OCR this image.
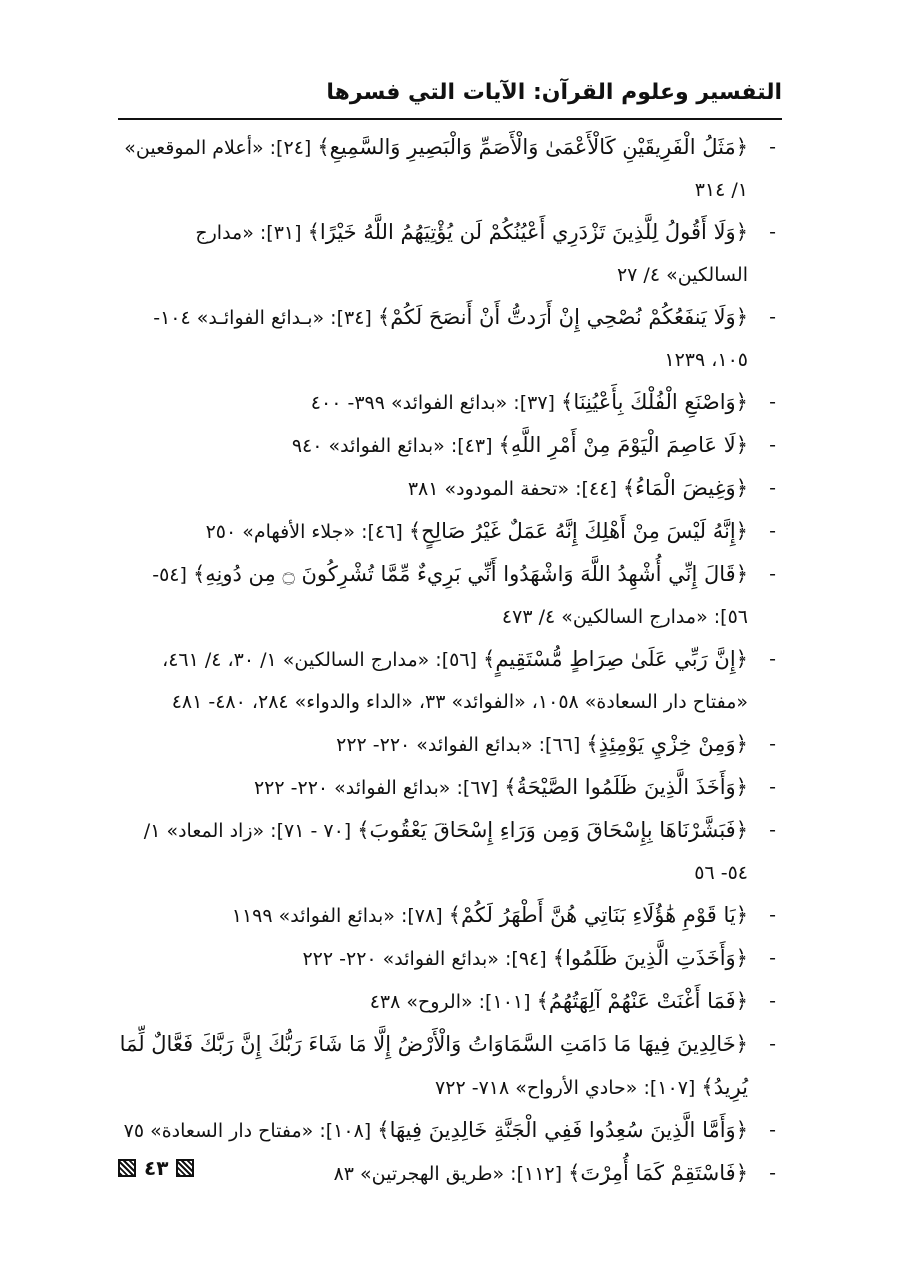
التفسير وعلوم القرآن: الآيات التي فسرها
-
﴿مَثَلُ الْفَرِيقَيْنِ كَالْأَعْمَىٰ وَالْأَصَمِّ وَالْبَصِيرِ وَالسَّمِيعِ﴾ [٢٤]: «أعلام الموقعين» ١/ ٣١٤
-
﴿وَلَا أَقُولُ لِلَّذِينَ تَزْدَرِي أَعْيُنُكُمْ لَن يُؤْتِيَهُمُ اللَّهُ خَيْرًا﴾ [٣١]: «مدارج السالكين» ٤/ ٢٧
-
﴿وَلَا يَنفَعُكُمْ نُصْحِي إِنْ أَرَدتُّ أَنْ أَنصَحَ لَكُمْ﴾ [٣٤]: «بـدائع الفوائـد» ١٠٤- ١٠٥، ١٢٣٩
-
﴿وَاصْنَعِ الْفُلْكَ بِأَعْيُنِنَا﴾ [٣٧]: «بدائع الفوائد» ٣٩٩- ٤٠٠
-
﴿لَا عَاصِمَ الْيَوْمَ مِنْ أَمْرِ اللَّهِ﴾ [٤٣]: «بدائع الفوائد» ٩٤٠
-
﴿وَغِيضَ الْمَاءُ﴾ [٤٤]: «تحفة المودود» ٣٨١
-
﴿إِنَّهُ لَيْسَ مِنْ أَهْلِكَ إِنَّهُ عَمَلٌ غَيْرُ صَالِحٍ﴾ [٤٦]: «جلاء الأفهام» ٢٥٠
-
﴿قَالَ إِنِّي أُشْهِدُ اللَّهَ وَاشْهَدُوا أَنِّي بَرِيءٌ مِّمَّا تُشْرِكُونَ ۝ مِن دُونِهِ﴾ [٥٤- ٥٦]: «مدارج السالكين» ٤/ ٤٧٣
-
﴿إِنَّ رَبِّي عَلَىٰ صِرَاطٍ مُّسْتَقِيمٍ﴾ [٥٦]: «مدارج السالكين» ١/ ٣٠، ٤/ ٤٦١، «مفتاح دار السعادة» ١٠٥٨، «الفوائد» ٣٣، «الداء والدواء» ٢٨٤، ٤٨٠- ٤٨١
-
﴿وَمِنْ خِزْيِ يَوْمِئِذٍ﴾ [٦٦]: «بدائع الفوائد» ٢٢٠- ٢٢٢
-
﴿وَأَخَذَ الَّذِينَ ظَلَمُوا الصَّيْحَةُ﴾ [٦٧]: «بدائع الفوائد» ٢٢٠- ٢٢٢
-
﴿فَبَشَّرْنَاهَا بِإِسْحَاقَ وَمِن وَرَاءِ إِسْحَاقَ يَعْقُوبَ﴾ [٧٠ - ٧١]: «زاد المعاد» ١/ ٥٤- ٥٦
-
﴿يَا قَوْمِ هَٰؤُلَاءِ بَنَاتِي هُنَّ أَطْهَرُ لَكُمْ﴾ [٧٨]: «بدائع الفوائد» ١١٩٩
-
﴿وَأَخَذَتِ الَّذِينَ ظَلَمُوا﴾ [٩٤]: «بدائع الفوائد» ٢٢٠- ٢٢٢
-
﴿فَمَا أَغْنَتْ عَنْهُمْ آلِهَتُهُمُ﴾ [١٠١]: «الروح» ٤٣٨
-
﴿خَالِدِينَ فِيهَا مَا دَامَتِ السَّمَاوَاتُ وَالْأَرْضُ إِلَّا مَا شَاءَ رَبُّكَ إِنَّ رَبَّكَ فَعَّالٌ لِّمَا يُرِيدُ﴾ [١٠٧]: «حادي الأرواح» ٧١٨- ٧٢٢
-
﴿وَأَمَّا الَّذِينَ سُعِدُوا فَفِي الْجَنَّةِ خَالِدِينَ فِيهَا﴾ [١٠٨]: «مفتاح دار السعادة» ٧٥
-
﴿فَاسْتَقِمْ كَمَا أُمِرْتَ﴾ [١١٢]: «طريق الهجرتين» ٨٣
٤٣
